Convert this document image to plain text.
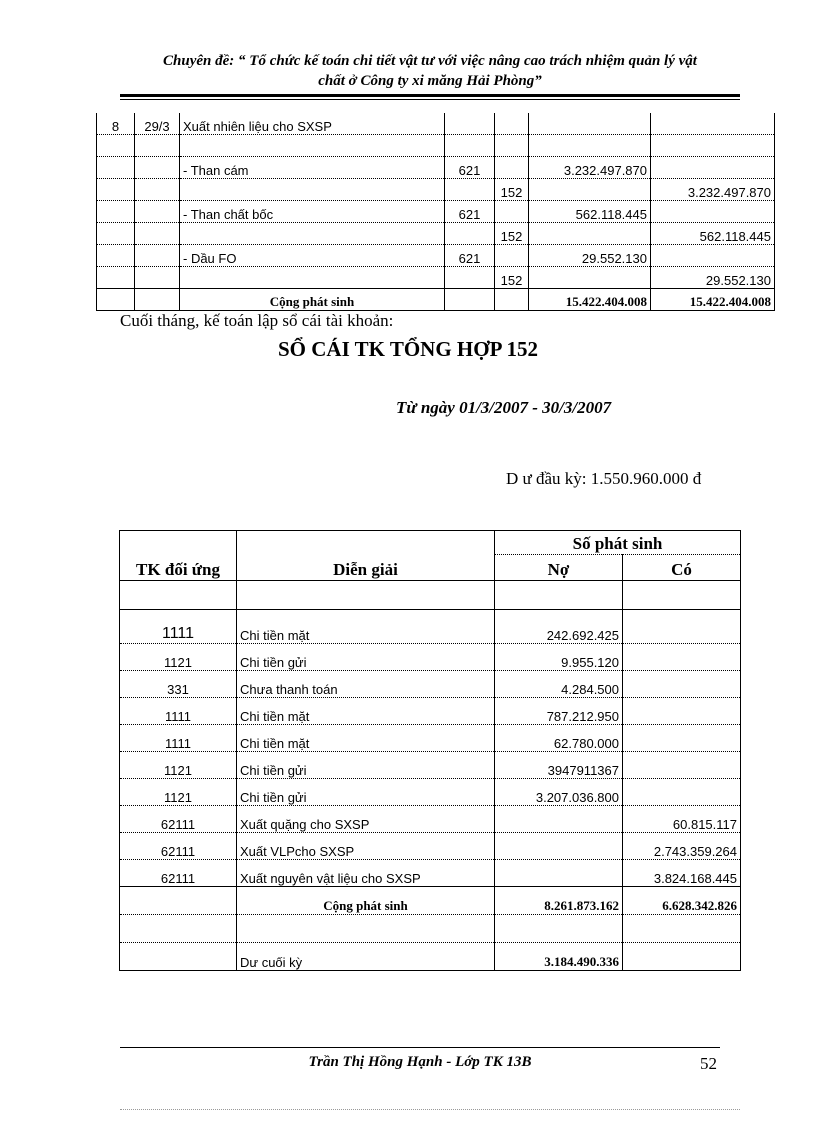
Chuyên đề: “ Tổ chức kế toán chi tiết vật tư với việc nâng cao trách nhiệm quản lý vật
chất ở Công ty xi măng Hải Phòng”
8	29/3	Xuất nhiên liệu cho SXSP				

		- Than cám	621		3.232.497.870	
				152		3.232.497.870
		- Than chất bốc	621		562.118.445	
				152		562.118.445
		- Dầu FO	621		29.552.130	
				152		29.552.130
		Cộng phát sinh			15.422.404.008	15.422.404.008
Cuối tháng, kế toán lập sổ cái tài khoản:
SỔ CÁI TK TỔNG HỢP 152
Từ ngày 01/3/2007 - 30/3/2007
D ư đầu kỳ: 1.550.960.000 đ
		Số phát sinh	
TK đối ứng	Diễn giải	Nợ	Có

1111	Chi tiền mặt	242.692.425	
1121	Chi tiền gửi	9.955.120	
331	Chưa thanh toán	4.284.500	
1111	Chi tiền mặt	787.212.950	
1111	Chi tiền mặt	62.780.000	
1121	Chi tiền gửi	3947911367	
1121	Chi tiền gửi	3.207.036.800	
62111	Xuất quặng cho SXSP		60.815.117
62111	Xuất VLPcho SXSP		2.743.359.264
62111	Xuất nguyên vật liệu cho SXSP		3.824.168.445
	Cộng phát sinh	8.261.873.162	6.628.342.826

	Dư cuối kỳ	3.184.490.336	
Trần Thị Hồng Hạnh - Lớp TK 13B	52
